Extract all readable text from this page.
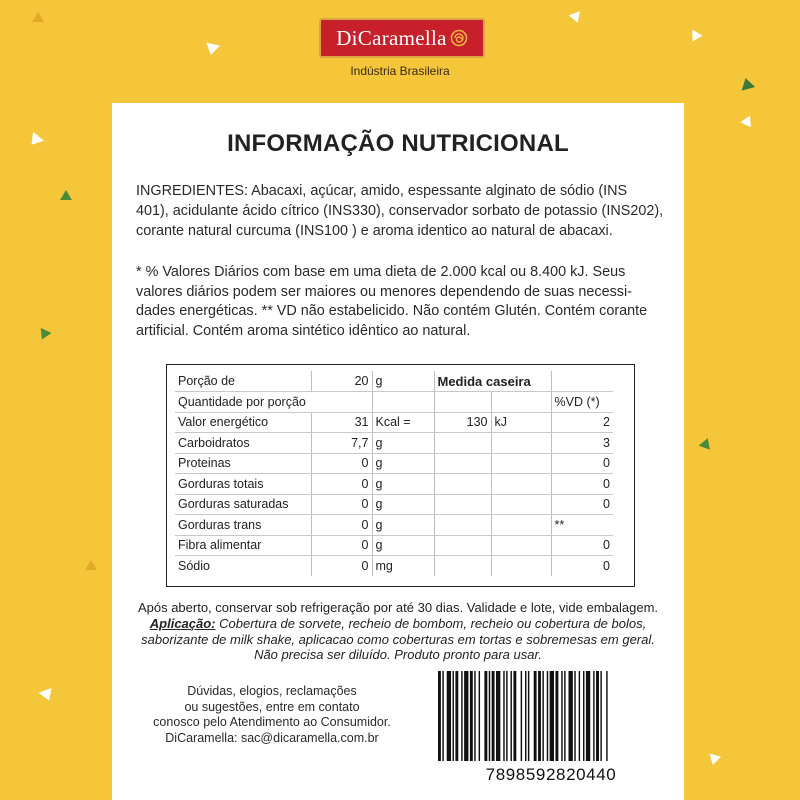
DiCaramella
Indústria Brasileira
INFORMAÇÃO NUTRICIONAL

INGREDIENTES: Abacaxi, açúcar, amido, espessante alginato de sódio (INS
401), acidulante ácido cítrico (INS330), conservador sorbato de potassio (INS202),
corante natural curcuma (INS100 ) e aroma identico ao natural de abacaxi.

* % Valores Diários com base em uma dieta de 2.000 kcal ou 8.400 kJ. Seus
valores diários podem ser maiores ou menores dependendo de suas necessi-
dades energéticas. ** VD não estabelicido. Não contém Glutén. Contém corante
artificial. Contém aroma sintético idêntico ao natural.

Porção de	20	g	Medida caseira		
Quantidade por porção					%VD (*)
Valor energético	31	Kcal =	130	kJ	2
Carboidratos	7,7	g			3
Proteinas	0	g			0
Gorduras totais	0	g			0
Gorduras saturadas	0	g			0
Gorduras trans	0	g			**
Fibra alimentar	0	g			0
Sódio	0	mg			0
Após aberto, conservar sob refrigeração por até 30 dias. Validade e lote, vide embalagem.
Aplicação: Cobertura de sorvete, recheio de bombom, recheio ou cobertura de bolos,
saborizante de milk shake, aplicacao como coberturas em tortas e sobremesas em geral.
Não precisa ser diluído. Produto pronto para usar.
Dúvidas, elogios, reclamações
ou sugestões, entre em contato
conosco pelo Atendimento ao Consumidor.
DiCaramella: sac@dicaramella.com.br
7898592820440
